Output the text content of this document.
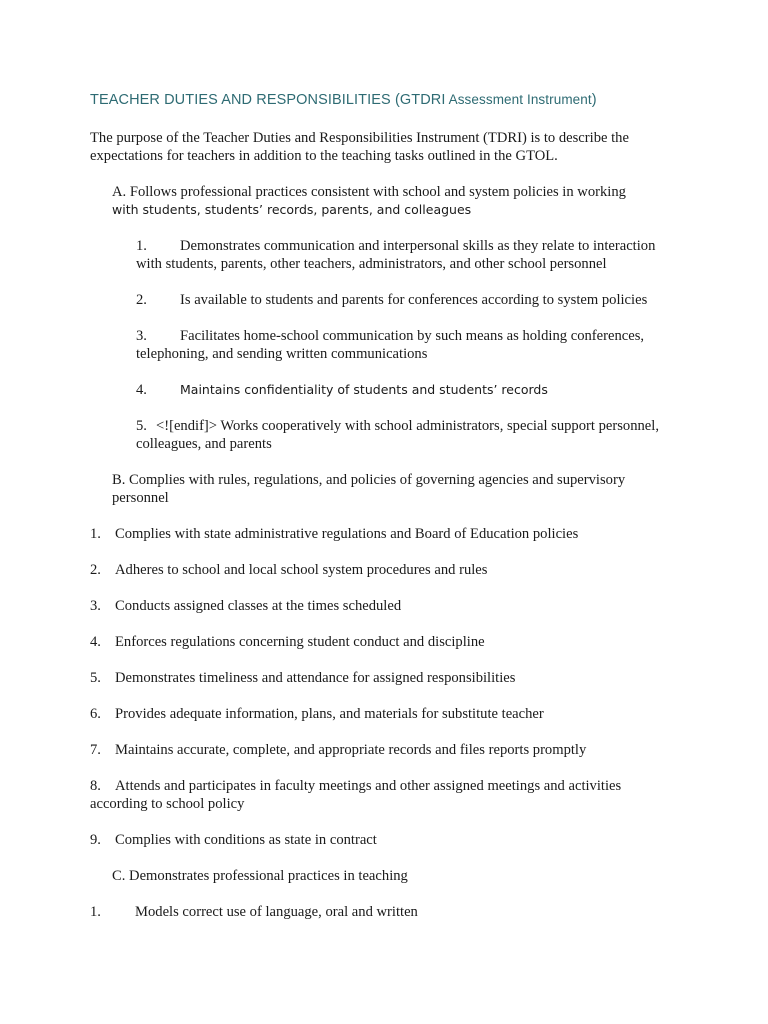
TEACHER DUTIES AND RESPONSIBILITIES (GTDRI Assessment Instrument)

The purpose of the Teacher Duties and Responsibilities Instrument (TDRI) is to describe the
expectations for teachers in addition to the teaching tasks outlined in the GTOL.

A. Follows professional practices consistent with school and system policies in working
with students, students’ records, parents, and colleagues

1. Demonstrates communication and interpersonal skills as they relate to interaction
with students, parents, other teachers, administrators, and other school personnel

2. Is available to students and parents for conferences according to system policies

3. Facilitates home-school communication by such means as holding conferences,
telephoning, and sending written communications

4.	Maintains confidentiality of students and students’ records

5. <![endif]> Works cooperatively with school administrators, special support personnel,
colleagues, and parents

B. Complies with rules, regulations, and policies of governing agencies and supervisory
personnel

1. Complies with state administrative regulations and Board of Education policies

2. Adheres to school and local school system procedures and rules

3. Conducts assigned classes at the times scheduled

4. Enforces regulations concerning student conduct and discipline

5. Demonstrates timeliness and attendance for assigned responsibilities

6. Provides adequate information, plans, and materials for substitute teacher

7. Maintains accurate, complete, and appropriate records and files reports promptly

8. Attends and participates in faculty meetings and other assigned meetings and activities
according to school policy

9. Complies with conditions as state in contract

C. Demonstrates professional practices in teaching

1. Models correct use of language, oral and written
